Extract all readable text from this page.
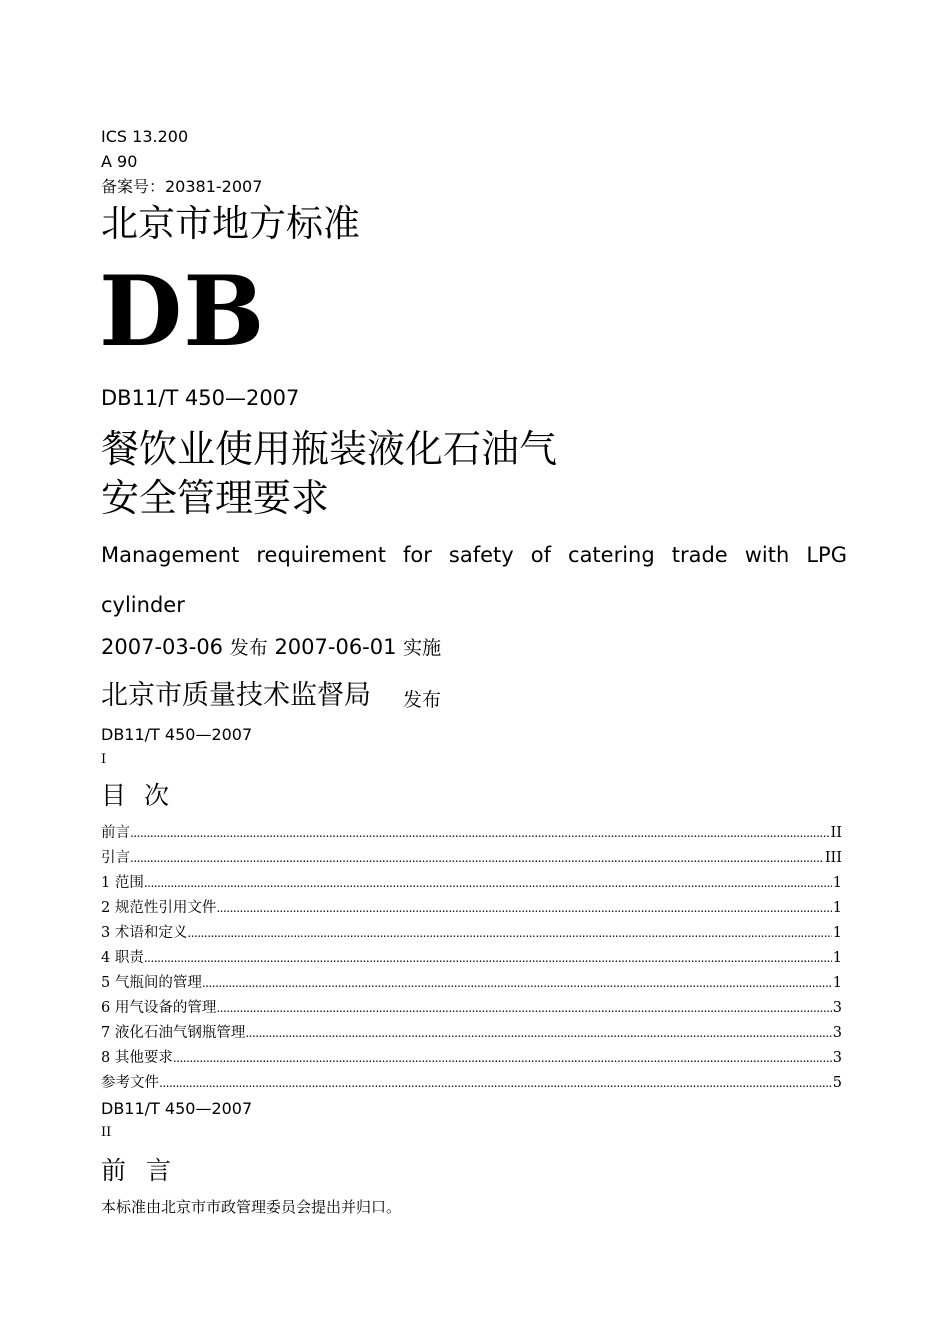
ICS 13.200
A 90
备案号：20381-2007
北京市地方标准
DB
DB11/T 450—2007
餐饮业使用瓶装液化石油气
安全管理要求
Management requirement for safety of catering trade with LPG cylinder
2007-03-06 发布 2007-06-01 实施
北京市质量技术监督局 发布
DB11/T 450—2007
I
目 次
前言 .....	II
引言 .....	III
1 范围 .....	1
2 规范性引用文件 .....	1
3 术语和定义 .....	1
4 职责 .....	1
5 气瓶间的管理 .....	1
6 用气设备的管理 .....	3
7 液化石油气钢瓶管理 .....	3
8 其他要求 .....	3
参考文件 .....	5
DB11/T 450—2007
II
前 言
本标准由北京市市政管理委员会提出并归口。
